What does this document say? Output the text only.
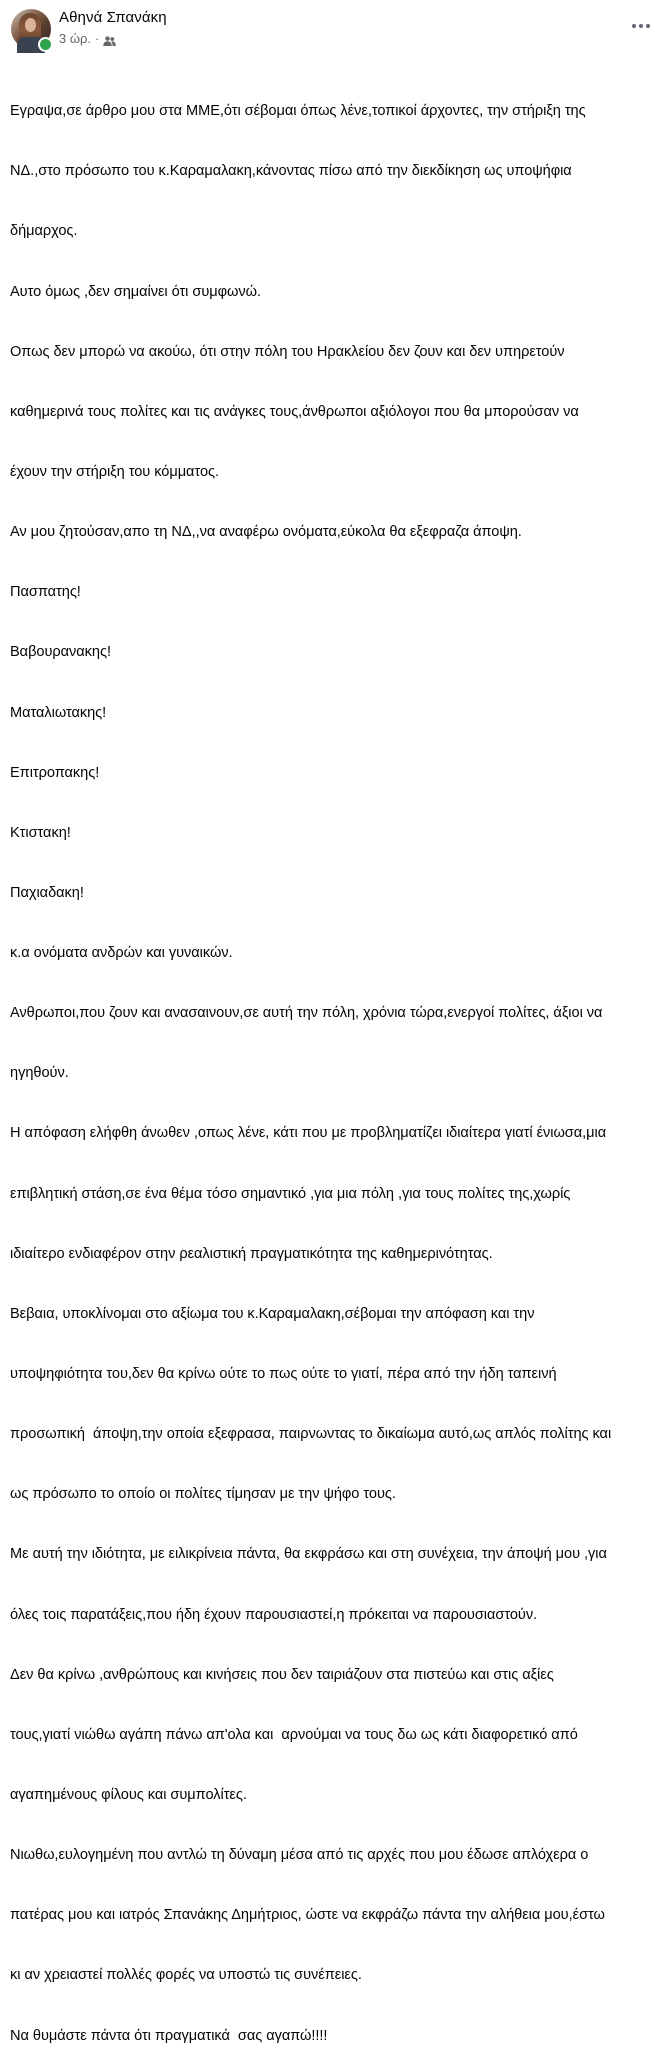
Αθηνά Σπανάκη
3 ώρ. ·

Εγραψα,σε άρθρο μου στα ΜΜΕ,ότι σέβομαι όπως λένε,τοπικοί άρχοντες, την στήριξη της

ΝΔ.,στο πρόσωπο του κ.Καραμαλακη,κάνοντας πίσω από την διεκδίκηση ως υποψήφια

δήμαρχος.

Αυτο όμως ,δεν σημαίνει ότι συμφωνώ.

Οπως δεν μπορώ να ακούω, ότι στην πόλη του Ηρακλείου δεν ζουν και δεν υπηρετούν

καθημερινά τους πολίτες και τις ανάγκες τους,άνθρωποι αξιόλογοι που θα μπορούσαν να

έχουν την στήριξη του κόμματος.

Αν μου ζητούσαν,απο τη ΝΔ,,να αναφέρω ονόματα,εύκολα θα εξεφραζα άποψη.

Πασπατης!

Βαβουρανακης!

Ματαλιωτακης!

Επιτροπακης!

Κτιστακη!

Παχιαδακη!

κ.α ονόματα ανδρών και γυναικών.

Ανθρωποι,που ζουν και ανασαινουν,σε αυτή την πόλη, χρόνια τώρα,ενεργοί πολίτες, άξιοι να

ηγηθούν.

Η απόφαση ελήφθη άνωθεν ,οπως λένε, κάτι που με προβληματίζει ιδιαίτερα γιατί ένιωσα,μια

επιβλητική στάση,σε ένα θέμα τόσο σημαντικό ,για μια πόλη ,για τους πολίτες της,χωρίς

ιδιαίτερο ενδιαφέρον στην ρεαλιστική πραγματικότητα της καθημερινότητας.

Βεβαια, υποκλίνομαι στο αξίωμα του κ.Καραμαλακη,σέβομαι την απόφαση και την

υποψηφιότητα του,δεν θα κρίνω ούτε το πως ούτε το γιατί, πέρα από την ήδη ταπεινή

προσωπική  άποψη,την οποία εξεφρασα, παιρνωντας το δικαίωμα αυτό,ως απλός πολίτης και

ως πρόσωπο το οποίο οι πολίτες τίμησαν με την ψήφο τους.

Με αυτή την ιδιότητα, με ειλικρίνεια πάντα, θα εκφράσω και στη συνέχεια, την άποψή μου ,για

όλες τοις παρατάξεις,που ήδη έχουν παρουσιαστεί,η πρόκειται να παρουσιαστούν.

Δεν θα κρίνω ,ανθρώπους και κινήσεις που δεν ταιριάζουν στα πιστεύω και στις αξίες

τους,γιατί νιώθω αγάπη πάνω απ'ολα και  αρνούμαι να τους δω ως κάτι διαφορετικό από

αγαπημένους φίλους και συμπολίτες.

Νιωθω,ευλογημένη που αντλώ τη δύναμη μέσα από τις αρχές που μου έδωσε απλόχερα ο

πατέρας μου και ιατρός Σπανάκης Δημήτριος, ώστε να εκφράζω πάντα την αλήθεια μου,έστω

κι αν χρειαστεί πολλές φορές να υποστώ τις συνέπειες.

Να θυμάστε πάντα ότι πραγματικά  σας αγαπώ!!!!
